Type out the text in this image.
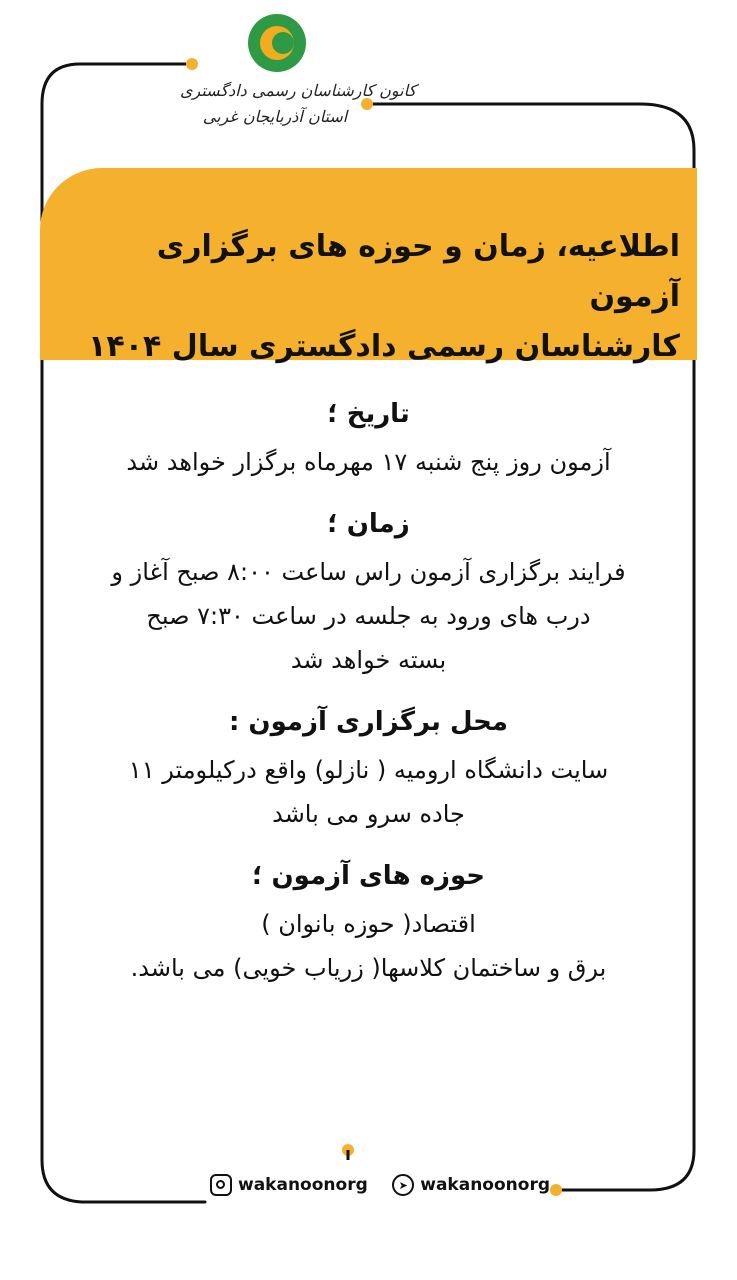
کانون کارشناسان رسمی دادگستری
استان آذربایجان غربی
اطلاعیه، زمان و حوزه های برگزاری آزمون
کارشناسان رسمی دادگستری سال ۱۴۰۴
تاریخ ؛
آزمون روز پنج شنبه ۱۷ مهرماه برگزار خواهد شد
زمان ؛
فرایند برگزاری آزمون راس ساعت ۸:۰۰ صبح آغاز و
درب های ورود به جلسه در ساعت ۷:۳۰ صبح
بسته خواهد شد
محل برگزاری آزمون :
سایت دانشگاه ارومیه ( نازلو) واقع درکیلومتر ۱۱
جاده سرو می باشد
حوزه های آزمون ؛
اقتصاد( حوزه بانوان )
برق و ساختمان کلاسها( زریاب خویی) می باشد.
wakanoonorg	➤ wakanoonorg
